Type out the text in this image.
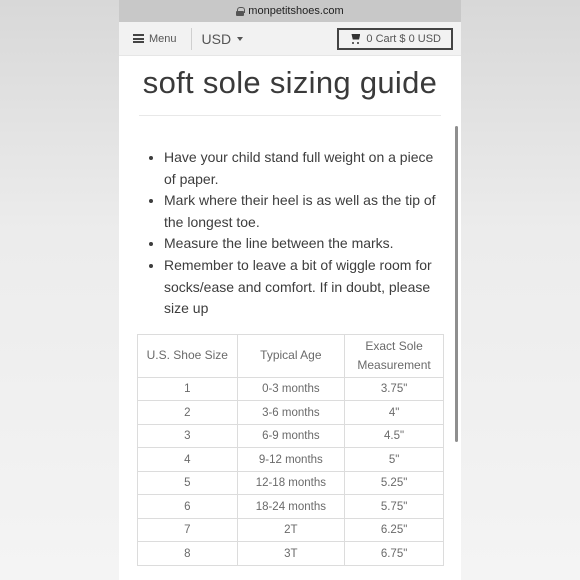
monpetitshoes.com
Menu USD	0 Cart $ 0 USD
soft sole sizing guide
• Have your child stand full weight on a piece of paper.
• Mark where their heel is as well as the tip of the longest toe.
• Measure the line between the marks.
• Remember to leave a bit of wiggle room for socks/ease and comfort. If in doubt, please size up
U.S. Shoe Size	Typical Age	Exact Sole Measurement
1	0-3 months	3.75"
2	3-6 months	4"
3	6-9 months	4.5"
4	9-12 months	5"
5	12-18 months	5.25"
6	18-24 months	5.75"
7	2T	6.25"
8	3T	6.75"
